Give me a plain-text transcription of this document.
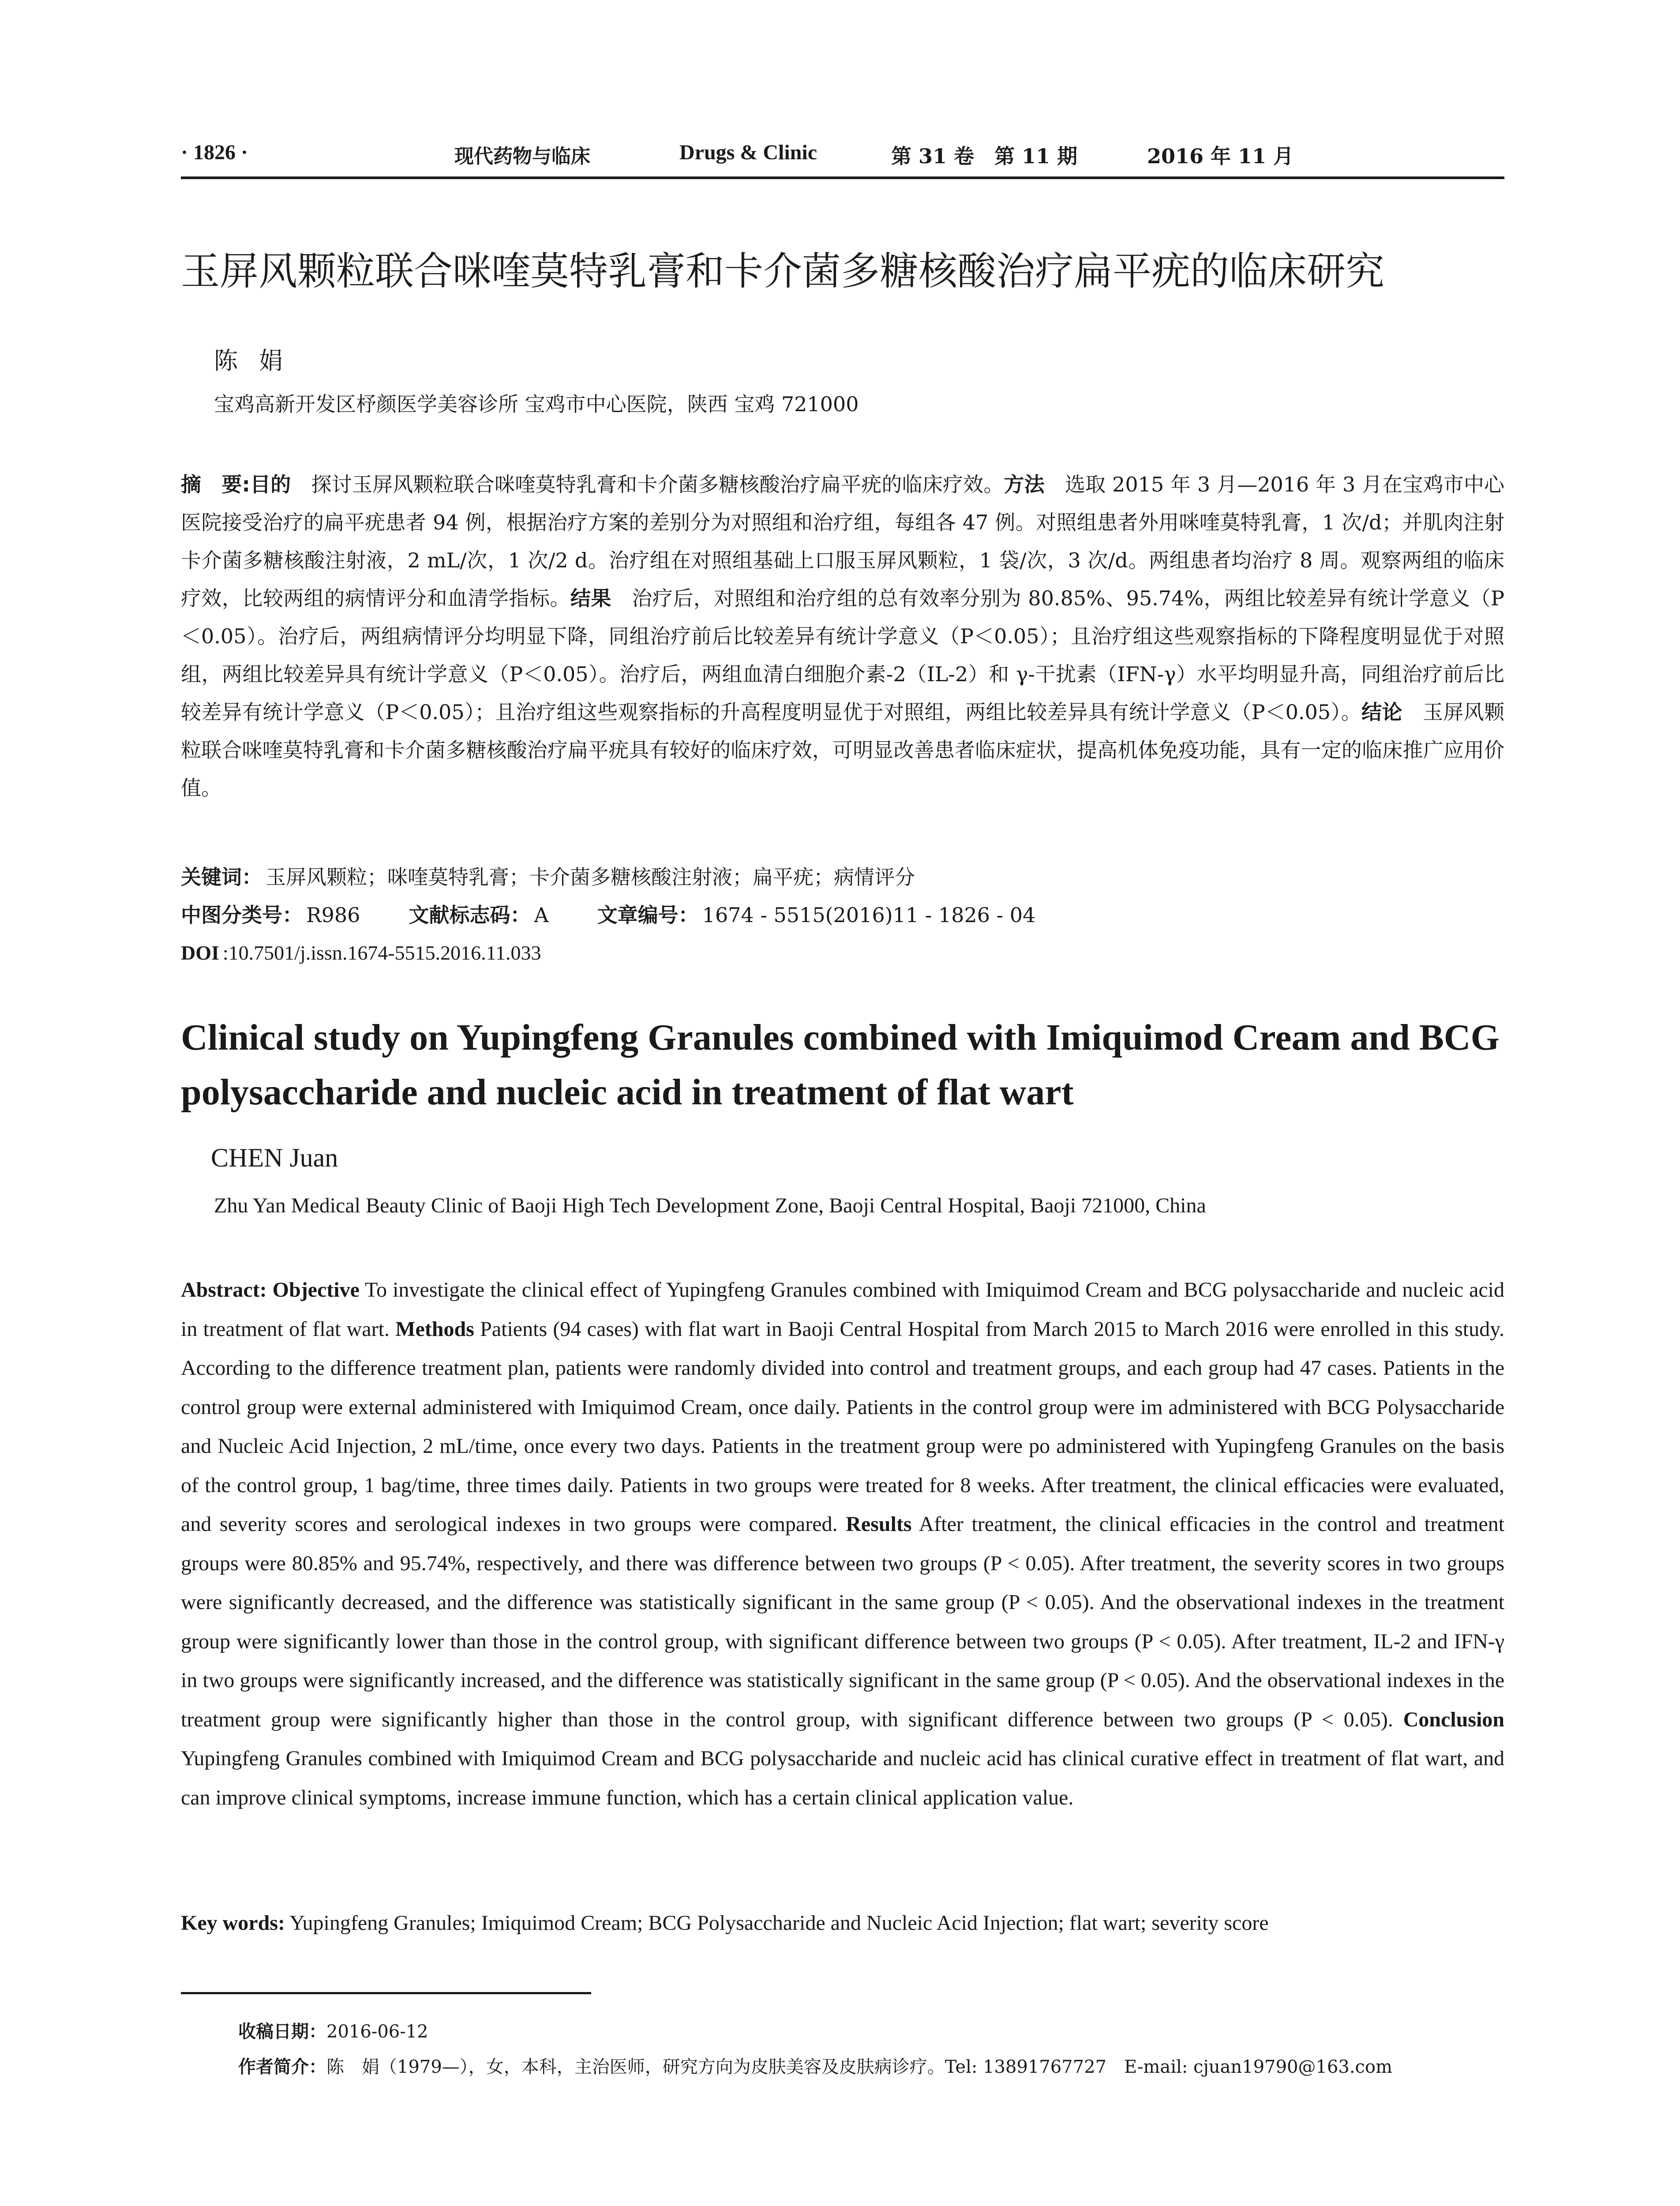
· 1826 ·	现代药物与临床	Drugs & Clinic	第 31 卷　第 11 期	2016 年 11 月
玉屏风颗粒联合咪喹莫特乳膏和卡介菌多糖核酸治疗扁平疣的临床研究
陈娟
宝鸡高新开发区杼颜医学美容诊所 宝鸡市中心医院，陕西 宝鸡 721000
摘　要:目的　探讨玉屏风颗粒联合咪喹莫特乳膏和卡介菌多糖核酸治疗扁平疣的临床疗效。方法　选取 2015 年 3 月—2016 年 3 月在宝鸡市中心医院接受治疗的扁平疣患者 94 例，根据治疗方案的差别分为对照组和治疗组，每组各 47 例。对照组患者外用咪喹莫特乳膏，1 次/d；并肌肉注射卡介菌多糖核酸注射液，2 mL/次，1 次/2 d。治疗组在对照组基础上口服玉屏风颗粒，1 袋/次，3 次/d。两组患者均治疗 8 周。观察两组的临床疗效，比较两组的病情评分和血清学指标。结果　治疗后，对照组和治疗组的总有效率分别为 80.85%、95.74%，两组比较差异有统计学意义（P＜0.05）。治疗后，两组病情评分均明显下降，同组治疗前后比较差异有统计学意义（P＜0.05）；且治疗组这些观察指标的下降程度明显优于对照组，两组比较差异具有统计学意义（P＜0.05）。治疗后，两组血清白细胞介素-2（IL-2）和 γ-干扰素（IFN-γ）水平均明显升高，同组治疗前后比较差异有统计学意义（P＜0.05）；且治疗组这些观察指标的升高程度明显优于对照组，两组比较差异具有统计学意义（P＜0.05）。结论　玉屏风颗粒联合咪喹莫特乳膏和卡介菌多糖核酸治疗扁平疣具有较好的临床疗效，可明显改善患者临床症状，提高机体免疫功能，具有一定的临床推广应用价值。
关键词： 玉屏风颗粒；咪喹莫特乳膏；卡介菌多糖核酸注射液；扁平疣；病情评分
中图分类号： R986 文献标志码： A 文章编号： 1674 - 5515(2016)11 - 1826 - 04
DOI :10.7501/j.issn.1674-5515.2016.11.033
Clinical study on Yupingfeng Granules combined with Imiquimod Cream and BCG polysaccharide and nucleic acid in treatment of flat wart
CHEN Juan
Zhu Yan Medical Beauty Clinic of Baoji High Tech Development Zone, Baoji Central Hospital, Baoji 721000, China
Abstract: Objective To investigate the clinical effect of Yupingfeng Granules combined with Imiquimod Cream and BCG polysaccharide and nucleic acid in treatment of flat wart. Methods Patients (94 cases) with flat wart in Baoji Central Hospital from March 2015 to March 2016 were enrolled in this study. According to the difference treatment plan, patients were randomly divided into control and treatment groups, and each group had 47 cases. Patients in the control group were external administered with Imiquimod Cream, once daily. Patients in the control group were im administered with BCG Polysaccharide and Nucleic Acid Injection, 2 mL/time, once every two days. Patients in the treatment group were po administered with Yupingfeng Granules on the basis of the control group, 1 bag/time, three times daily. Patients in two groups were treated for 8 weeks. After treatment, the clinical efficacies were evaluated, and severity scores and serological indexes in two groups were compared. Results After treatment, the clinical efficacies in the control and treatment groups were 80.85% and 95.74%, respectively, and there was difference between two groups (P < 0.05). After treatment, the severity scores in two groups were significantly decreased, and the difference was statistically significant in the same group (P < 0.05). And the observational indexes in the treatment group were significantly lower than those in the control group, with significant difference between two groups (P < 0.05). After treatment, IL-2 and IFN-γ in two groups were significantly increased, and the difference was statistically significant in the same group (P < 0.05). And the observational indexes in the treatment group were significantly higher than those in the control group, with significant difference between two groups (P < 0.05). Conclusion Yupingfeng Granules combined with Imiquimod Cream and BCG polysaccharide and nucleic acid has clinical curative effect in treatment of flat wart, and can improve clinical symptoms, increase immune function, which has a certain clinical application value.
Key words: Yupingfeng Granules; Imiquimod Cream; BCG Polysaccharide and Nucleic Acid Injection; flat wart; severity score
收稿日期：2016-06-12
作者简介：陈　娟（1979—），女，本科，主治医师，研究方向为皮肤美容及皮肤病诊疗。Tel: 13891767727　E-mail: cjuan19790@163.com
